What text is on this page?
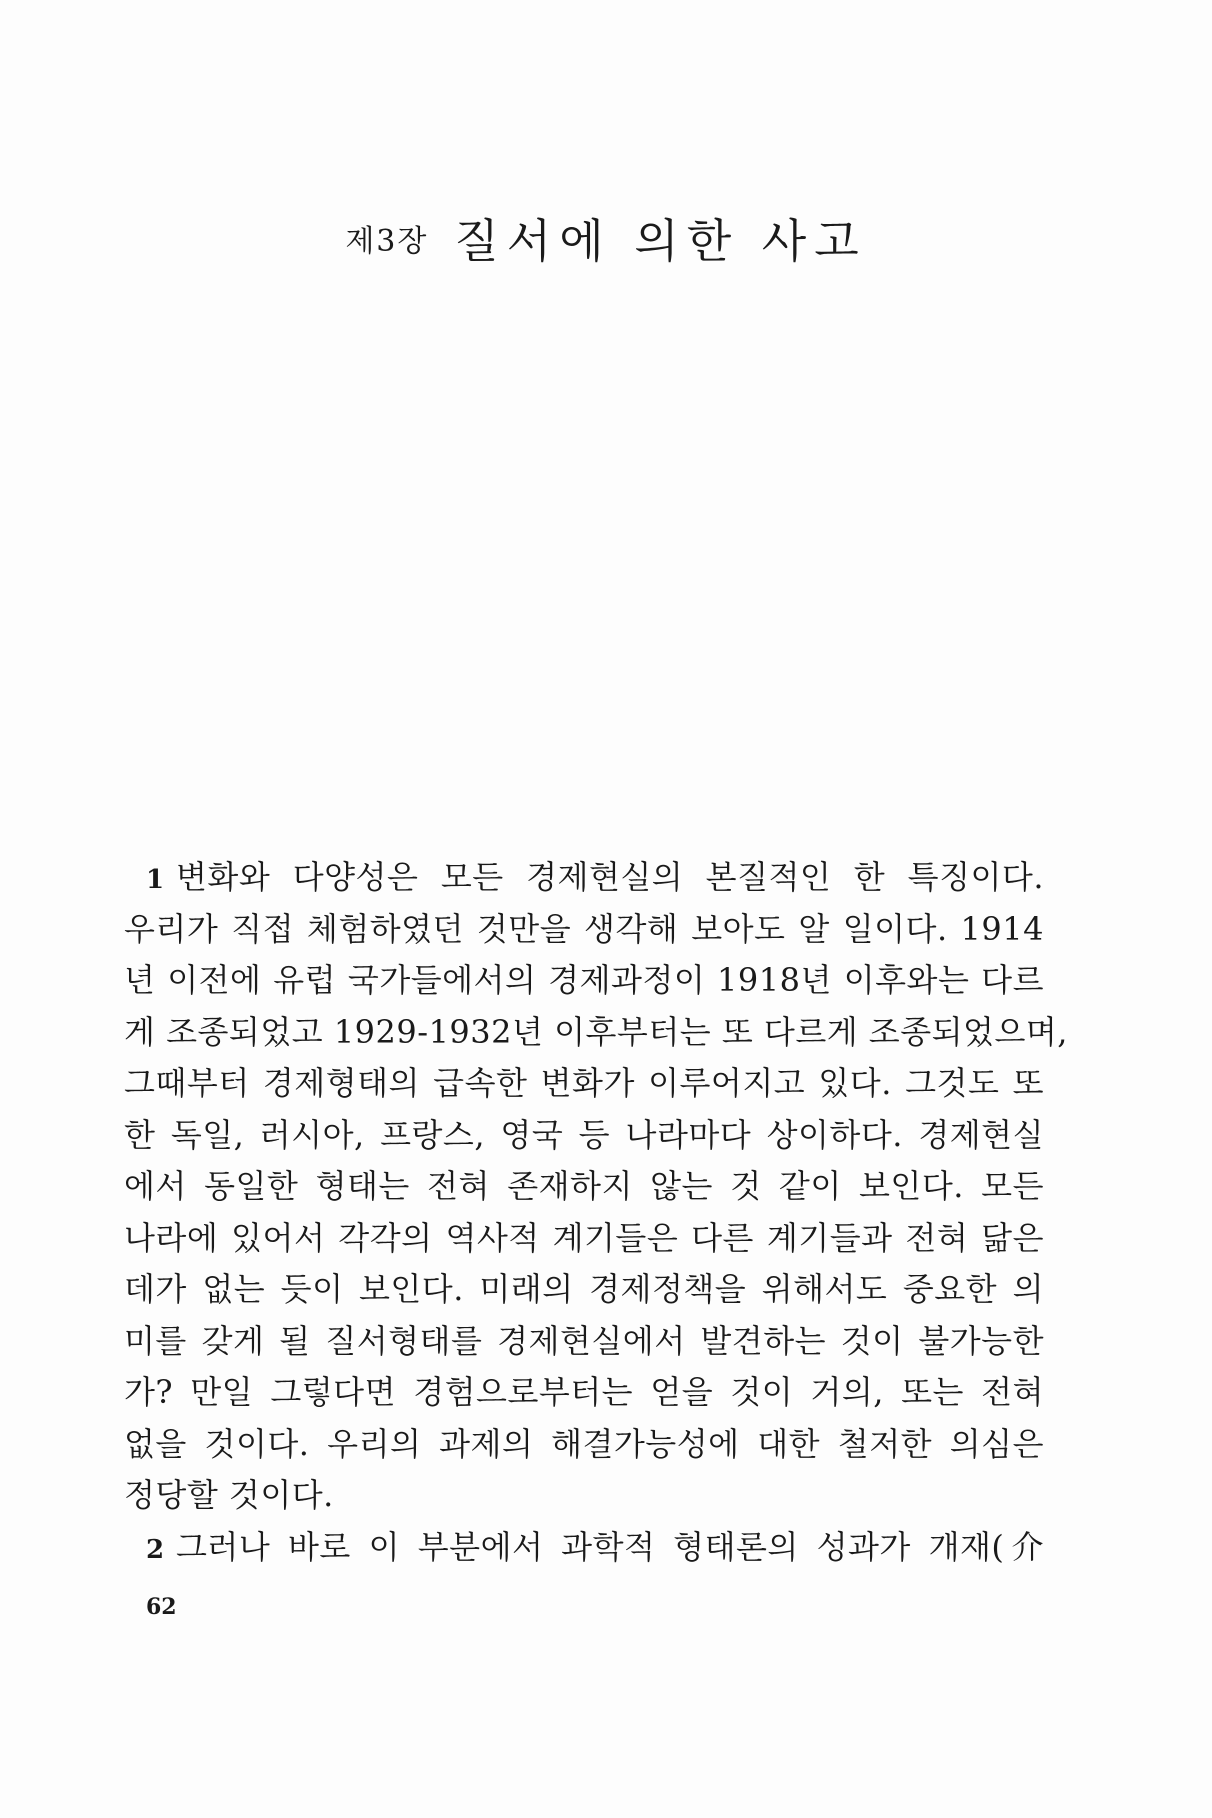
제3장 질서에 의한 사고
1 변화와 다양성은 모든 경제현실의 본질적인 한 특징이다.
우리가 직접 체험하였던 것만을 생각해 보아도 알 일이다. 1914
년 이전에 유럽 국가들에서의 경제과정이 1918년 이후와는 다르
게 조종되었고 1929-1932년 이후부터는 또 다르게 조종되었으며,
그때부터 경제형태의 급속한 변화가 이루어지고 있다. 그것도 또
한 독일, 러시아, 프랑스, 영국 등 나라마다 상이하다. 경제현실
에서 동일한 형태는 전혀 존재하지 않는 것 같이 보인다. 모든
나라에 있어서 각각의 역사적 계기들은 다른 계기들과 전혀 닮은
데가 없는 듯이 보인다. 미래의 경제정책을 위해서도 중요한 의
미를 갖게 될 질서형태를 경제현실에서 발견하는 것이 불가능한
가? 만일 그렇다면 경험으로부터는 얻을 것이 거의, 또는 전혀
없을 것이다. 우리의 과제의 해결가능성에 대한 철저한 의심은
정당할 것이다.
2 그러나 바로 이 부분에서 과학적 형태론의 성과가 개재(介
62
